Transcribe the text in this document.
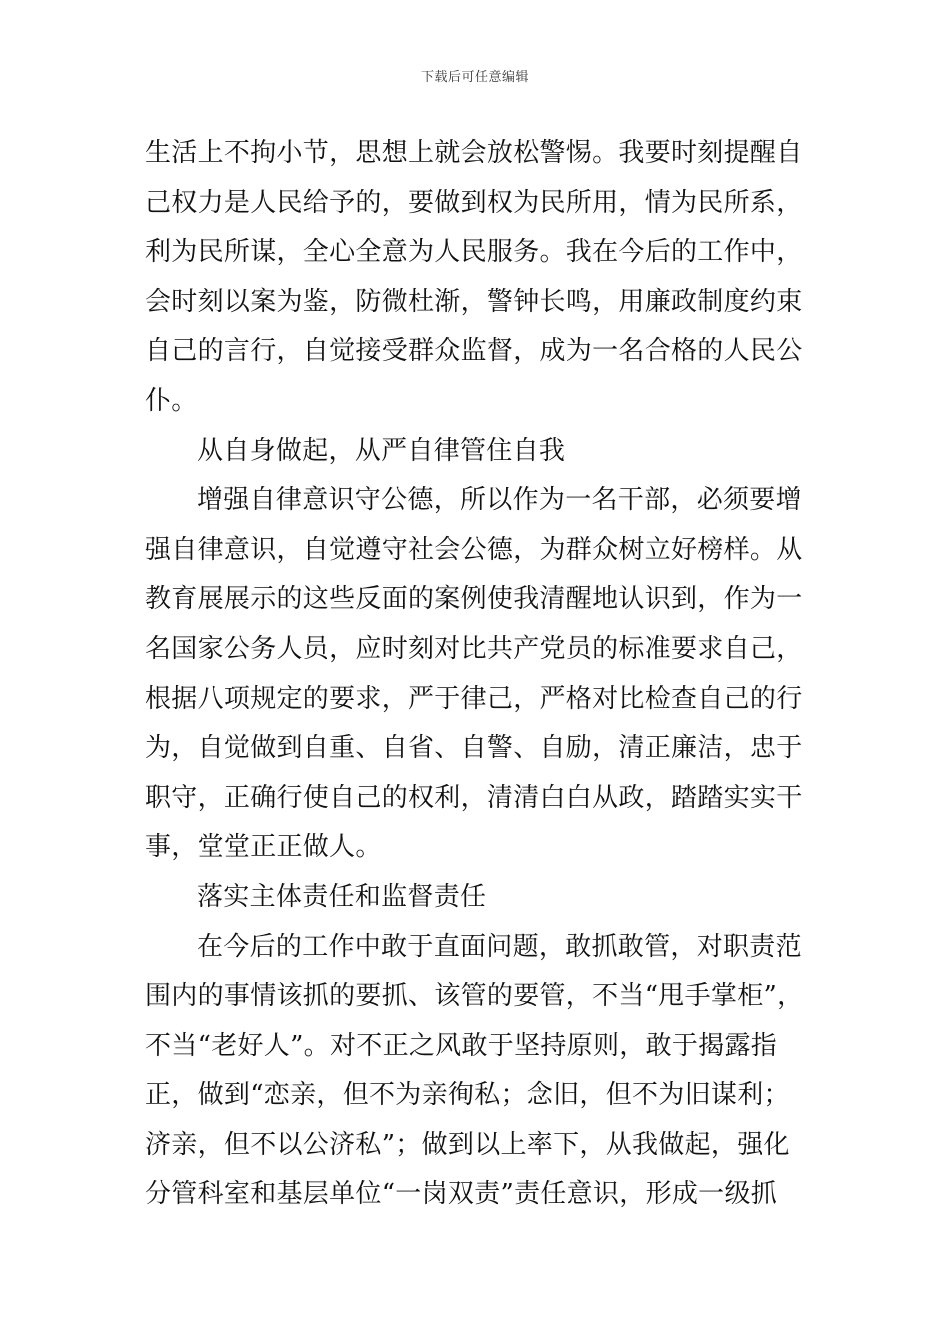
下载后可任意编辑
生活上不拘小节，思想上就会放松警惕。我要时刻提醒自
己权力是人民给予的，要做到权为民所用，情为民所系，
利为民所谋，全心全意为人民服务。我在今后的工作中，
会时刻以案为鉴，防微杜渐，警钟长鸣，用廉政制度约束
自己的言行，自觉接受群众监督，成为一名合格的人民公
仆。
从自身做起，从严自律管住自我
增强自律意识守公德，所以作为一名干部，必须要增
强自律意识，自觉遵守社会公德，为群众树立好榜样。从
教育展展示的这些反面的案例使我清醒地认识到，作为一
名国家公务人员，应时刻对比共产党员的标准要求自己，
根据八项规定的要求，严于律己，严格对比检查自己的行
为，自觉做到自重、自省、自警、自励，清正廉洁，忠于
职守，正确行使自己的权利，清清白白从政，踏踏实实干
事，堂堂正正做人。
落实主体责任和监督责任
在今后的工作中敢于直面问题，敢抓敢管，对职责范
围内的事情该抓的要抓、该管的要管，不当“甩手掌柜”，
不当“老好人”。对不正之风敢于坚持原则，敢于揭露指
正，做到“恋亲，但不为亲徇私；念旧，但不为旧谋利；
济亲，但不以公济私”；做到以上率下，从我做起，强化
分管科室和基层单位“一岗双责”责任意识，形成一级抓
